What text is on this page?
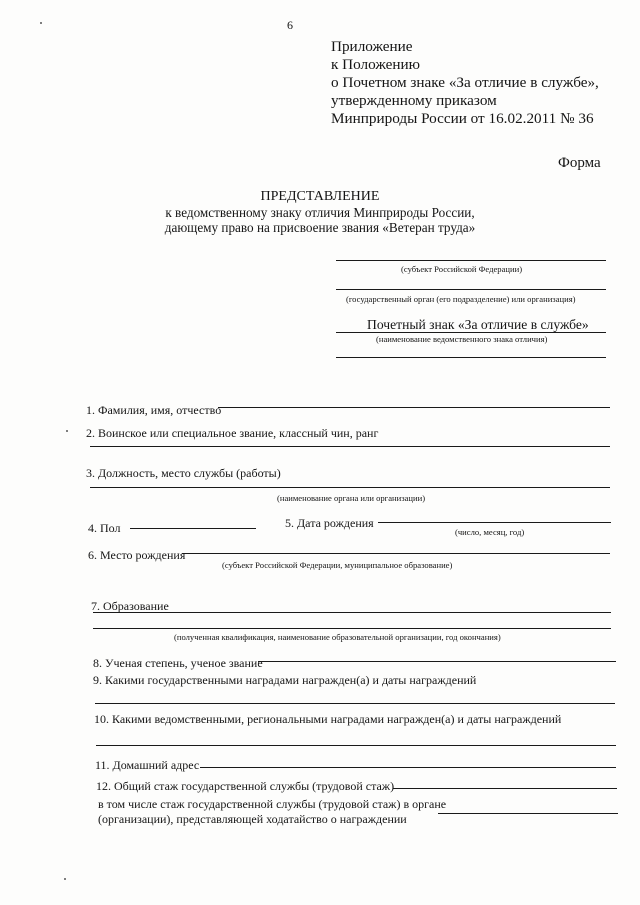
6
Приложение
к Положению
о Почетном знаке «За отличие в службе»,
утвержденному приказом
Минприроды России от 16.02.2011 № 36
Форма
ПРЕДСТАВЛЕНИЕ
к ведомственному знаку отличия Минприроды России,
дающему право на присвоение звания «Ветеран труда»
(субъект Российской Федерации)
(государственный орган (его подразделение) или организация)
Почетный знак «За отличие в службе»
(наименование ведомственного знака отличия)
1. Фамилия, имя, отчество
2. Воинское или специальное звание, классный чин, ранг
3. Должность, место службы (работы)
(наименование органа или организации)
4. Пол	5. Дата рождения
(число, месяц, год)
6. Место рождения
(субъект Российской Федерации, муниципальное образование)
7. Образование
(полученная квалификация, наименование образовательной организации, год окончания)
8. Ученая степень, ученое звание
9. Какими государственными наградами награжден(а) и даты награждений
10. Какими ведомственными, региональными наградами награжден(а) и даты награждений
11. Домашний адрес
12. Общий стаж государственной службы (трудовой стаж)
в том числе стаж государственной службы (трудовой стаж) в органе
(организации), представляющей ходатайство о награждении
